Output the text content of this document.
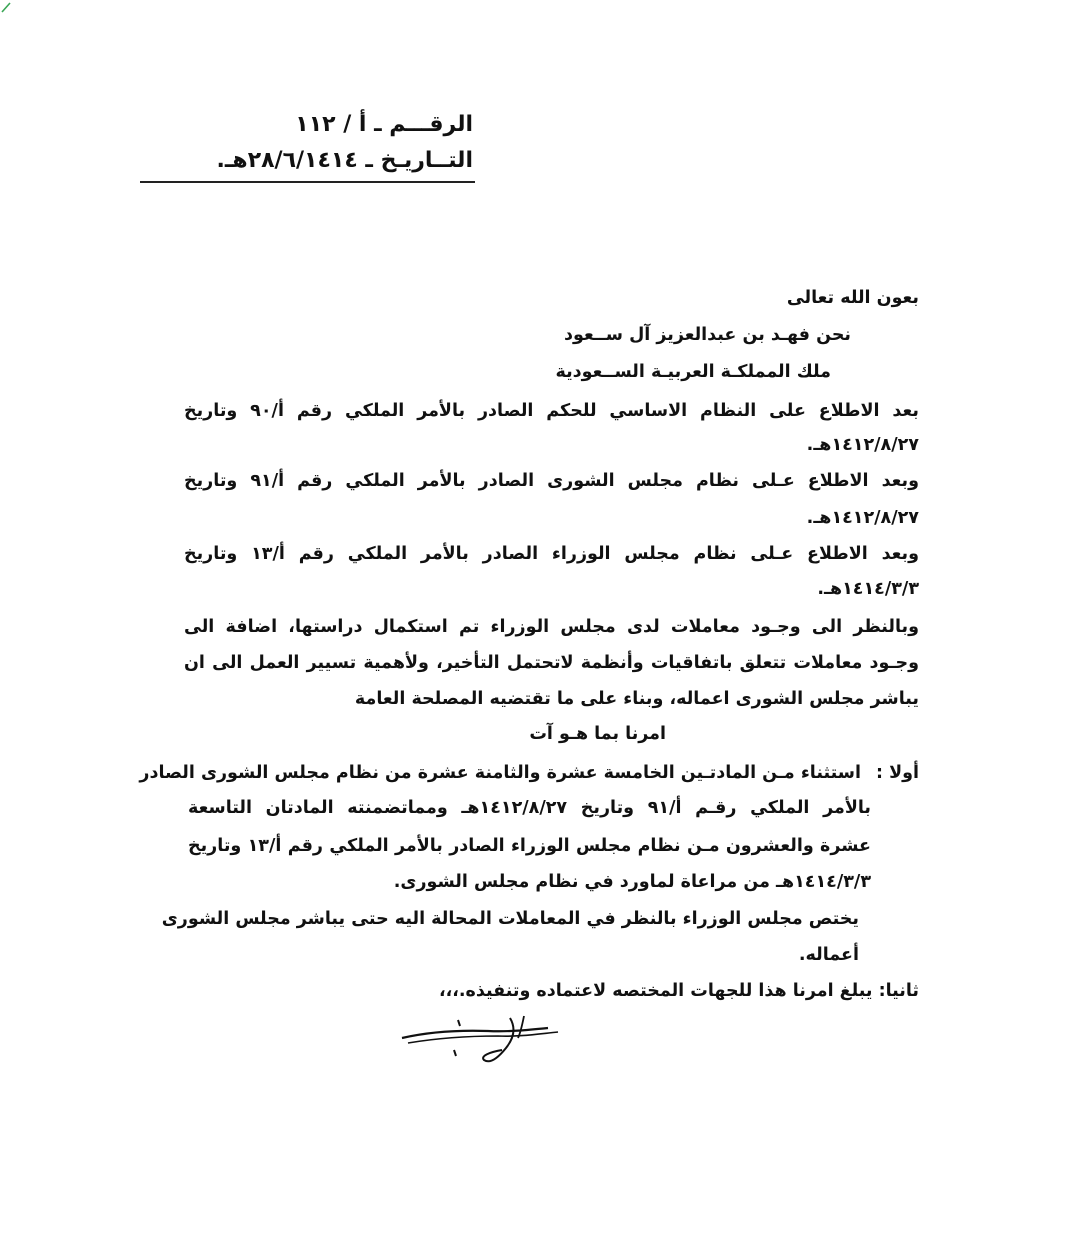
الرقـــم ـ أ / ١١٢
التــاريـخ ـ ٢٨/٦/١٤١٤هـ.
بعون الله تعالى
نحن فهـد بن عبدالعزيز آل ســعود
ملك المملكـة العربيـة الســعودية
بعد الاطلاع على النظام الاساسي للحكم الصادر بالأمر الملكي رقم أ/٩٠ وتاريخ
١٤١٢/٨/٢٧هـ.
وبعد الاطلاع عـلى نظام مجلس الشورى الصادر بالأمر الملكي رقم أ/٩١ وتاريخ
١٤١٢/٨/٢٧هـ.
وبعد الاطلاع عـلى نظام مجلس الوزراء الصادر بالأمر الملكي رقم أ/١٣ وتاريخ
١٤١٤/٣/٣هـ.
وبالنظر الى وجـود معاملات لدى مجلس الوزراء تم استكمال دراستها، اضافة الى
وجـود معاملات تتعلق باتفاقيات وأنظمة لاتحتمل التأخير، ولأهمية تسيير العمل الى ان
يباشر مجلس الشورى اعماله، وبناء على ما تقتضيه المصلحة العامة
امرنا بما هـو آت
أولا :
استثناء مـن المادتـين الخامسة عشرة والثامنة عشرة من نظام مجلس الشورى الصادر
بالأمر الملكي رقـم أ/٩١ وتاريخ ١٤١٢/٨/٢٧هـ ومماتضمنته المادتان التاسعة
عشرة والعشرون مـن نظام مجلس الوزراء الصادر بالأمر الملكي رقم أ/١٣ وتاريخ
١٤١٤/٣/٣هـ من مراعاة لماورد في نظام مجلس الشورى.
يختص مجلس الوزراء بالنظر في المعاملات المحالة اليه حتى يباشر مجلس الشورى
أعماله.
ثانيا: يبلغ امرنا هذا للجهات المختصه لاعتماده وتنفيذه.،،،
